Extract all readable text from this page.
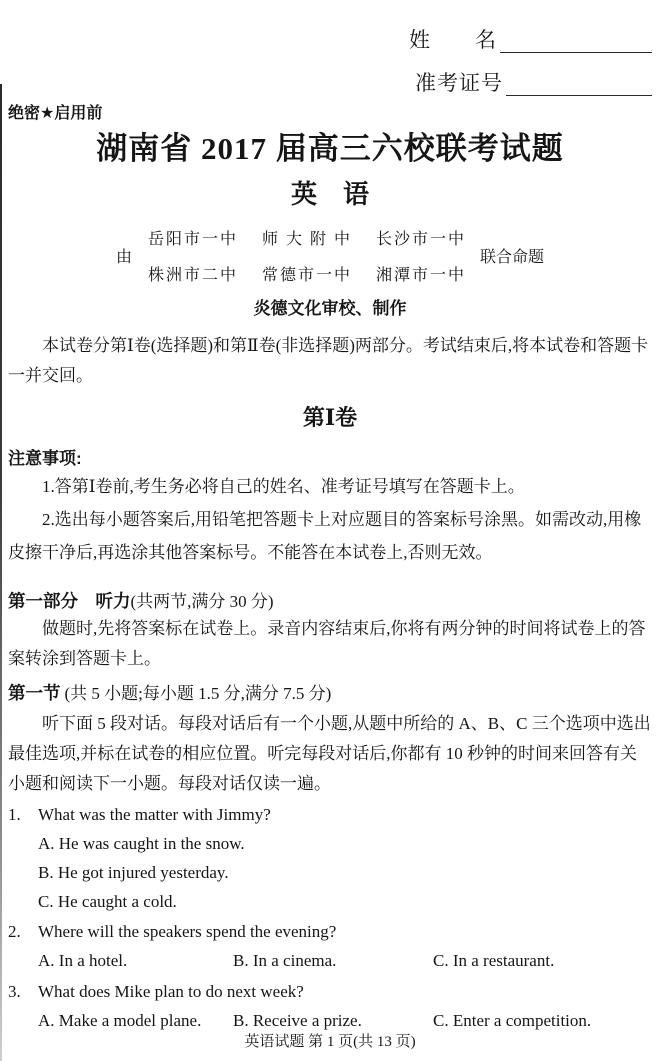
姓　　名
准考证号
绝密★启用前
湖南省 2017 届高三六校联考试题
英　语
由
岳阳市一中 师大附中 长沙市一中
株洲市二中 常德市一中 湘潭市一中
联合命题
炎德文化审校、制作

本试卷分第Ⅰ卷(选择题)和第Ⅱ卷(非选择题)两部分。考试结束后,将本试卷和答题卡一并交回。

第Ⅰ卷
注意事项:

1.答第Ⅰ卷前,考生务必将自己的姓名、准考证号填写在答题卡上。

2.选出每小题答案后,用铅笔把答题卡上对应题目的答案标号涂黑。如需改动,用橡皮擦干净后,再选涂其他答案标号。不能答在本试卷上,否则无效。

第一部分　听力(共两节,满分 30 分)

做题时,先将答案标在试卷上。录音内容结束后,你将有两分钟的时间将试卷上的答案转涂到答题卡上。

第一节 (共 5 小题;每小题 1.5 分,满分 7.5 分)

听下面 5 段对话。每段对话后有一个小题,从题中所给的 A、B、C 三个选项中选出最佳选项,并标在试卷的相应位置。听完每段对话后,你都有 10 秒钟的时间来回答有关小题和阅读下一小题。每段对话仅读一遍。

1. What was the matter with Jimmy?
A. He was caught in the snow.
B. He got injured yesterday.
C. He caught a cold.
2. Where will the speakers spend the evening?
A. In a hotel.	B. In a cinema.	C. In a restaurant.
3. What does Mike plan to do next week?
A. Make a model plane.	B. Receive a prize.	C. Enter a competition.
英语试题 第 1 页(共 13 页)
